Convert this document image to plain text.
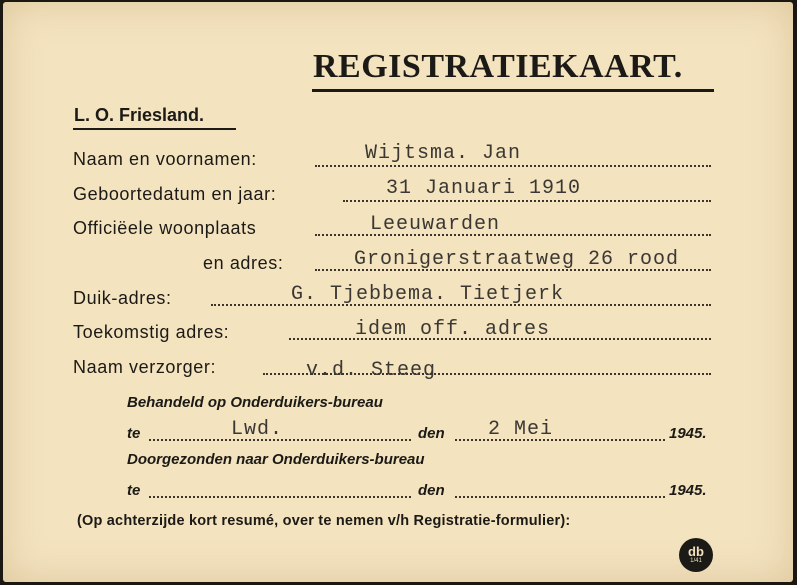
REGISTRATIEKAART.
L. O. Friesland.
Naam en voornamen:	Wijtsma. Jan
Geboortedatum en jaar:	31 Januari 1910
Officiëele woonplaats	Leeuwarden
en adres:	Gronigerstraatweg 26 rood
Duik-adres:	G. Tjebbema. Tietjerk
Toekomstig adres:	idem off. adres
Naam verzorger:	v.d. Steeg
Behandeld op Onderduikers-bureau
te	Lwd.	den 2 Mei	1945.
Doorgezonden naar Onderduikers-bureau
te	den	1945.
(Op achterzijde kort resumé, over te nemen v/h Registratie-formulier):
db
1/41
